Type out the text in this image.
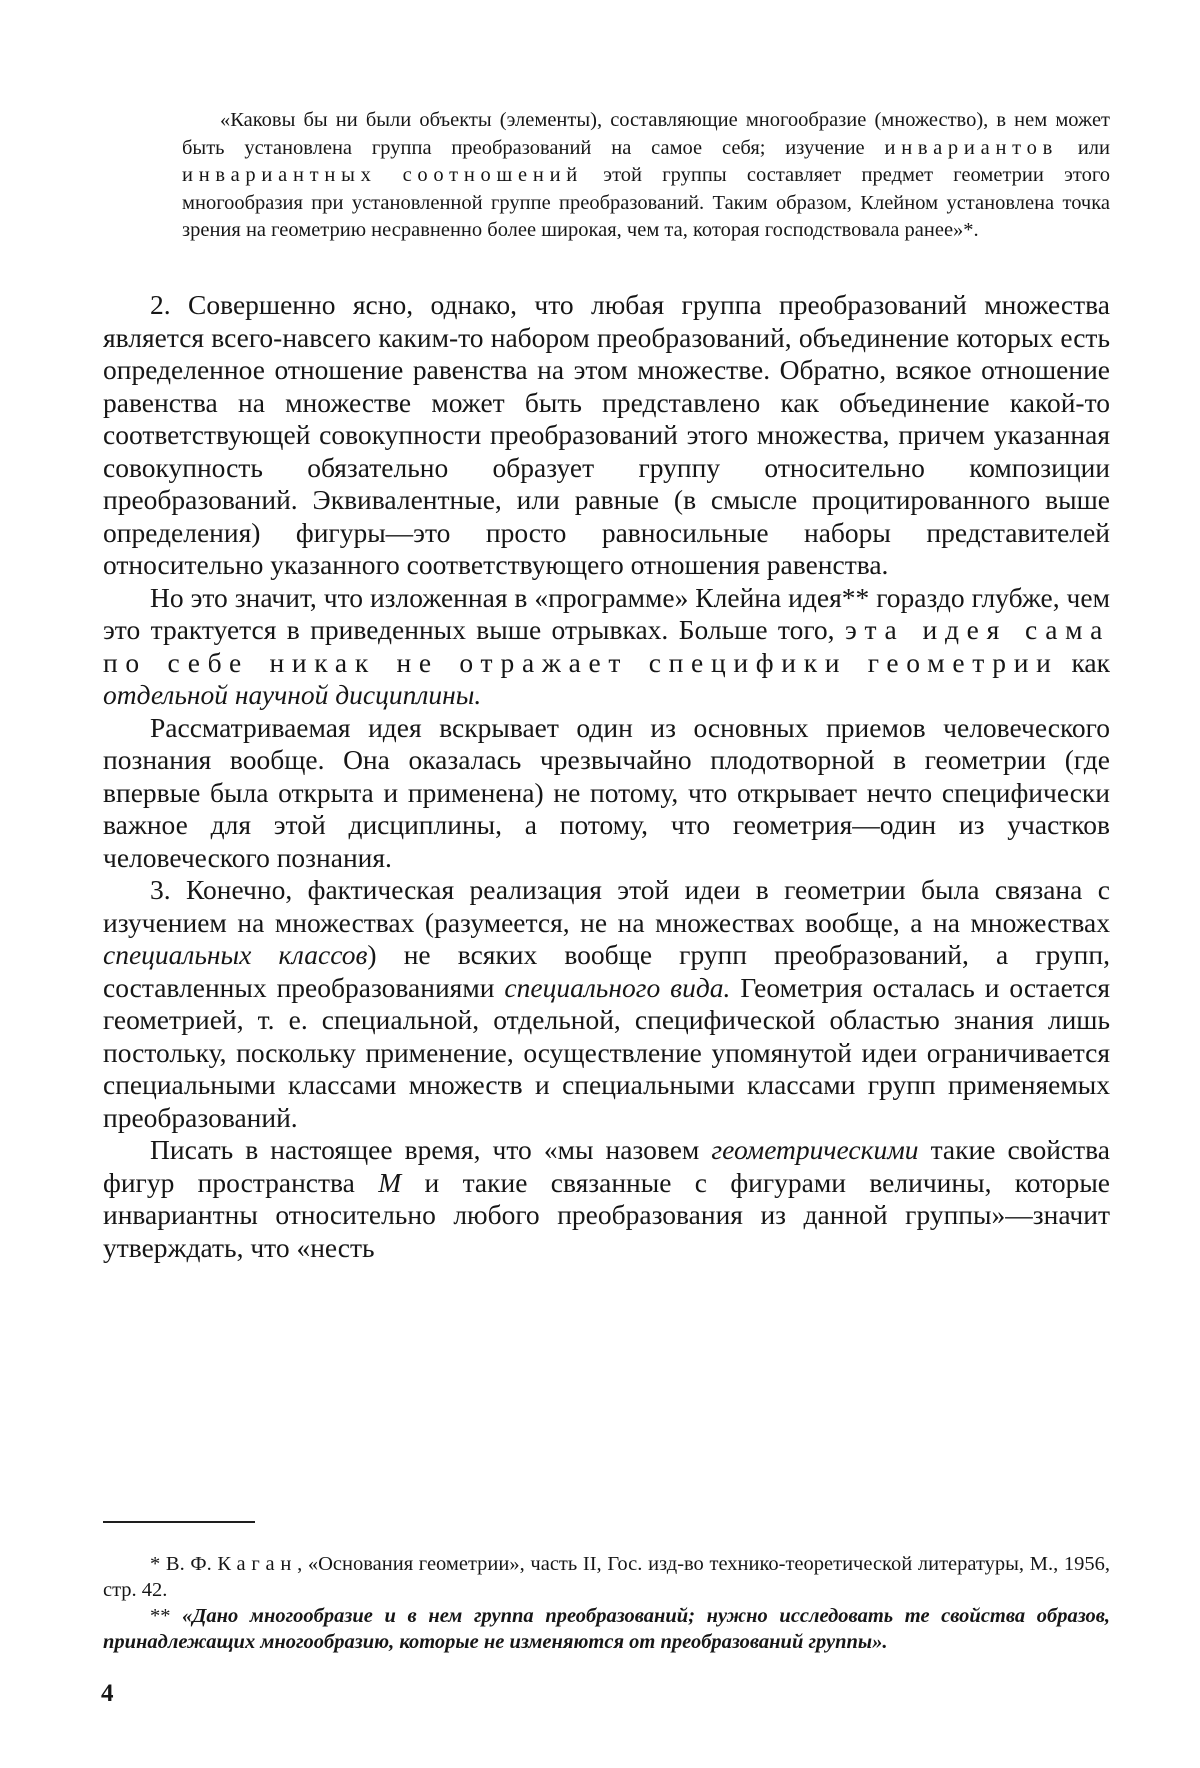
«Каковы бы ни были объекты (элементы), составляющие многообразие (множество), в нем может быть установлена группа преобразований на самое себя; изучение инвариантов или инвариантных соотношений этой группы составляет предмет геометрии этого многообразия при установленной группе преобразований. Таким образом, Клейном установлена точка зрения на геометрию несравненно более широкая, чем та, которая господствовала ранее»*.

2. Совершенно ясно, однако, что любая группа преобразований множества является всего-навсего каким-то набором преобразований, объединение которых есть определенное отношение равенства на этом множестве. Обратно, всякое отношение равенства на множестве может быть представлено как объединение какой-то соответствующей совокупности преобразований этого множества, причем указанная совокупность обязательно образует группу относительно композиции преобразований. Эквивалентные, или равные (в смысле процитированного выше определения) фигуры—это просто равносильные наборы представителей относительно указанного соответствующего отношения равенства.

Но это значит, что изложенная в «программе» Клейна идея** гораздо глубже, чем это трактуется в приведенных выше отрывках. Больше того, эта идея сама по себе никак не отражает специфики геометрии как отдельной научной дисциплины.

Рассматриваемая идея вскрывает один из основных приемов человеческого познания вообще. Она оказалась чрезвычайно плодотворной в геометрии (где впервые была открыта и применена) не потому, что открывает нечто специфически важное для этой дисциплины, а потому, что геометрия—один из участков человеческого познания.

3. Конечно, фактическая реализация этой идеи в геометрии была связана с изучением на множествах (разумеется, не на множествах вообще, а на множествах специальных классов) не всяких вообще групп преобразований, а групп, составленных преобразованиями специального вида. Геометрия осталась и остается геометрией, т. е. специальной, отдельной, специфической областью знания лишь постольку, поскольку применение, осуществление упомянутой идеи ограничивается специальными классами множеств и специальными классами групп применяемых преобразований.

Писать в настоящее время, что «мы назовем геометрическими такие свойства фигур пространства М и такие связанные с фигурами величины, которые инвариантны относительно любого преобразования из данной группы»—значит утверждать, что «несть

* В. Ф. Каган, «Основания геометрии», часть II, Гос. изд-во технико-теоретической литературы, М., 1956, стр. 42.

** «Дано многообразие и в нем группа преобразований; нужно исследовать те свойства образов, принадлежащих многообразию, которые не изменяются от преобразований группы».

4
